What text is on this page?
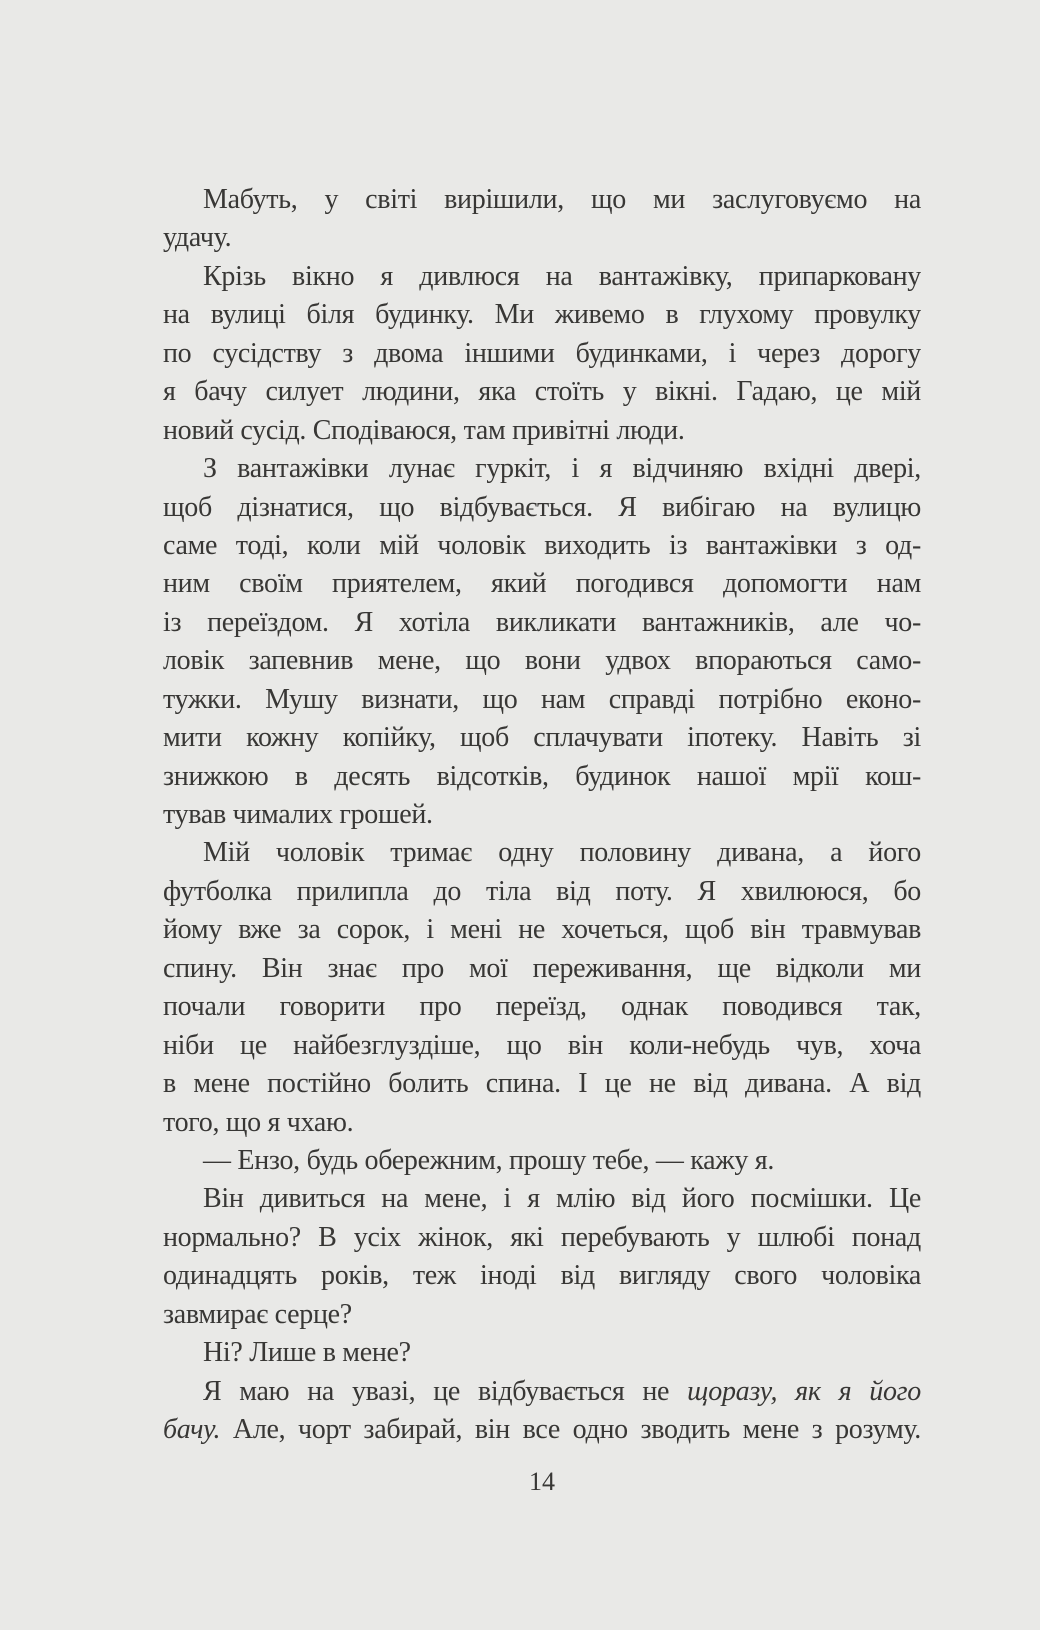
Мабуть, у світі вирішили, що ми заслуговуємо на
удачу.
Крізь вікно я дивлюся на вантажівку, припарковану
на вулиці біля будинку. Ми живемо в глухому провулку
по сусідству з двома іншими будинками, і через дорогу
я бачу силует людини, яка стоїть у вікні. Гадаю, це мій
новий сусід. Сподіваюся, там привітні люди.
З вантажівки лунає гуркіт, і я відчиняю вхідні двері,
щоб дізнатися, що відбувається. Я вибігаю на вулицю
саме тоді, коли мій чоловік виходить із вантажівки з од-
ним своїм приятелем, який погодився допомогти нам
із переїздом. Я хотіла викликати вантажників, але чо-
ловік запевнив мене, що вони удвох впораються само-
тужки. Мушу визнати, що нам справді потрібно еконо-
мити кожну копійку, щоб сплачувати іпотеку. Навіть зі
знижкою в десять відсотків, будинок нашої мрії кош-
тував чималих грошей.
Мій чоловік тримає одну половину дивана, а його
футболка прилипла до тіла від поту. Я хвилююся, бо
йому вже за сорок, і мені не хочеться, щоб він травмував
спину. Він знає про мої переживання, ще відколи ми
почали говорити про переїзд, однак поводився так,
ніби це найбезглуздіше, що він коли-небудь чув, хоча
в мене постійно болить спина. І це не від дивана. А від
того, що я чхаю.
— Ензо, будь обережним, прошу тебе, — кажу я.
Він дивиться на мене, і я млію від його посмішки. Це
нормально? В усіх жінок, які перебувають у шлюбі понад
одинадцять років, теж іноді від вигляду свого чоловіка
завмирає серце?
Ні? Лише в мене?
Я маю на увазі, це відбувається не щоразу, як я його
бачу. Але, чорт забирай, він все одно зводить мене з розуму.
14
